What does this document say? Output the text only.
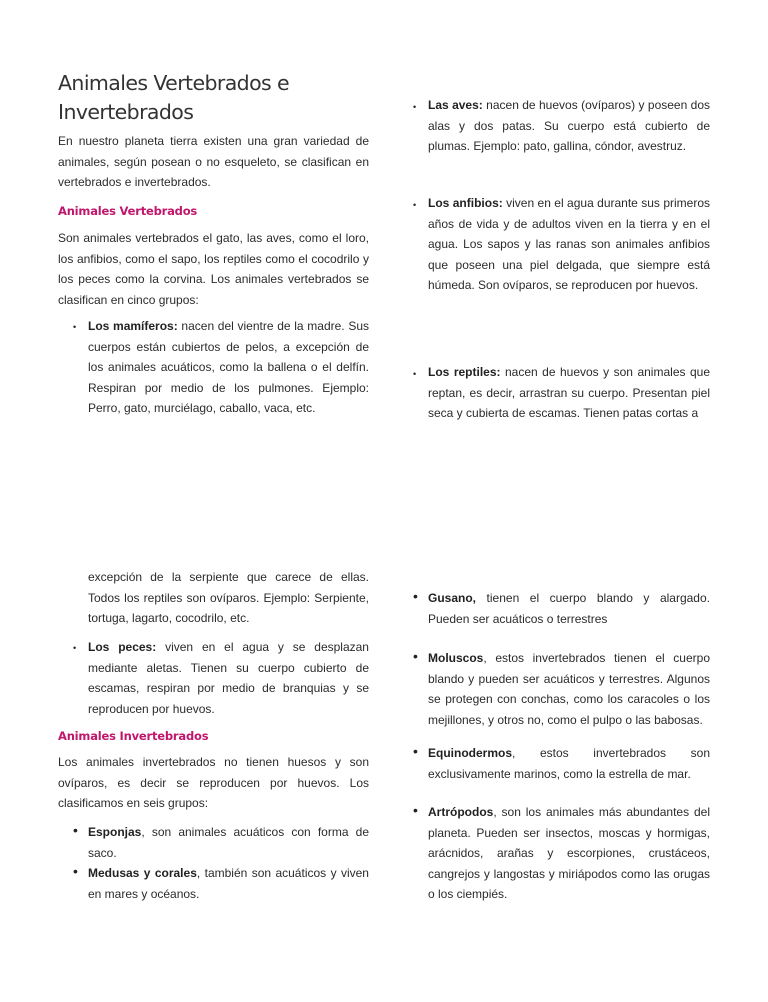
Animales Vertebrados e Invertebrados

En nuestro planeta tierra existen una gran variedad de animales, según posean o no esqueleto, se clasifican en vertebrados e invertebrados.

Animales Vertebrados

Son animales vertebrados el gato, las aves, como el loro, los anfibios, como el sapo, los reptiles como el cocodrilo y los peces como la corvina. Los animales vertebrados se clasifican en cinco grupos:

•
Los mamíferos: nacen del vientre de la madre. Sus cuerpos están cubiertos de pelos, a excepción de los animales acuáticos, como la ballena o el delfín. Respiran por medio de los pulmones. Ejemplo: Perro, gato, murciélago, caballo, vaca, etc.
excepción de la serpiente que carece de ellas. Todos los reptiles son ovíparos. Ejemplo: Serpiente, tortuga, lagarto, cocodrilo, etc.
•
Los peces: viven en el agua y se desplazan mediante aletas. Tienen su cuerpo cubierto de escamas, respiran por medio de branquias y se reproducen por huevos.
Animales Invertebrados

Los animales invertebrados no tienen huesos y son ovíparos, es decir se reproducen por huevos. Los clasificamos en seis grupos:

•
Esponjas, son animales acuáticos con forma de saco.
•
Medusas y corales, también son acuáticos y viven en mares y océanos.
•
Las aves: nacen de huevos (ovíparos) y poseen dos alas y dos patas. Su cuerpo está cubierto de plumas. Ejemplo: pato, gallina, cóndor, avestruz.
•
Los anfibios: viven en el agua durante sus primeros años de vida y de adultos viven en la tierra y en el agua. Los sapos y las ranas son animales anfibios que poseen una piel delgada, que siempre está húmeda. Son ovíparos, se reproducen por huevos.
•
Los reptiles: nacen de huevos y son animales que reptan, es decir, arrastran su cuerpo. Presentan piel seca y cubierta de escamas. Tienen patas cortas a
•
Gusano, tienen el cuerpo blando y alargado. Pueden ser acuáticos o terrestres
•
Moluscos, estos invertebrados tienen el cuerpo blando y pueden ser acuáticos y terrestres. Algunos se protegen con conchas, como los caracoles o los mejillones, y otros no, como el pulpo o las babosas.
•
Equinodermos, estos invertebrados son exclusivamente marinos, como la estrella de mar.
•
Artrópodos, son los animales más abundantes del planeta. Pueden ser insectos, moscas y hormigas, arácnidos, arañas y escorpiones, crustáceos, cangrejos y langostas y miriápodos como las orugas o los ciempiés.
